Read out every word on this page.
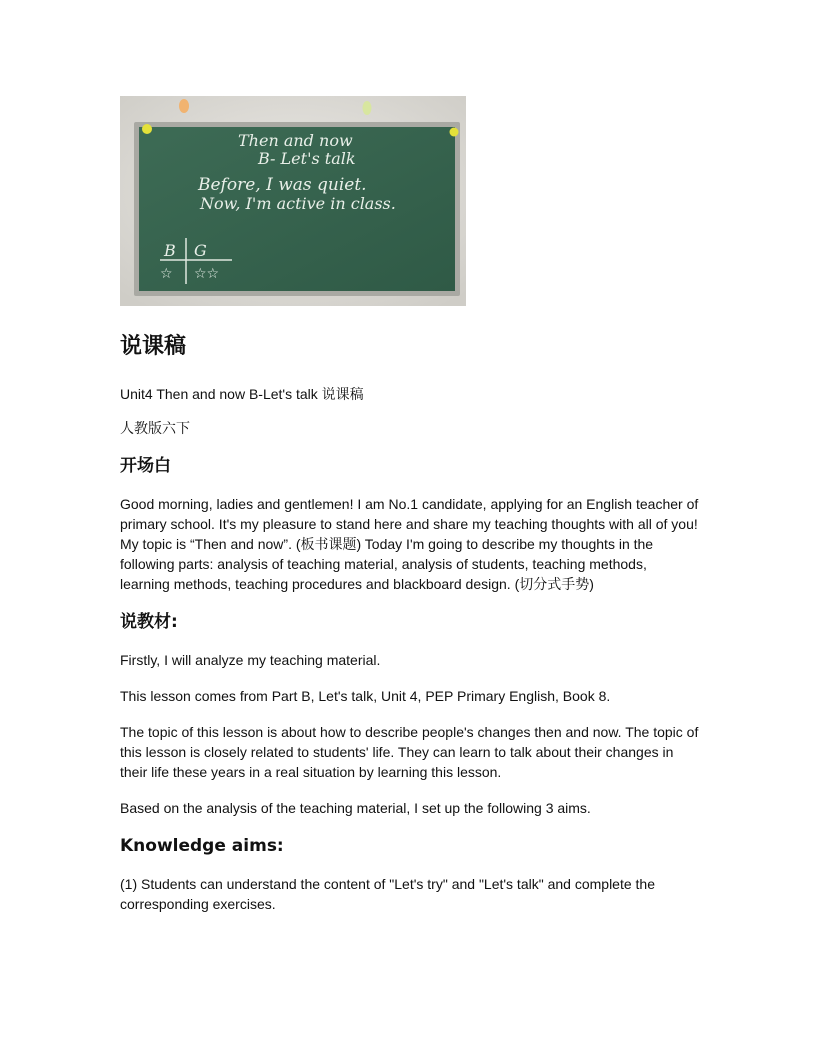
Then and now
B- Let's talk
Before, I was quiet.
Now, I'm active in class.
B G
☆ ☆☆
说课稿

Unit4 Then and now B-Let's talk 说课稿

人教版六下

开场白

Good morning, ladies and gentlemen! I am No.1 candidate, applying for an English teacher of primary school. It's my pleasure to stand here and share my teaching thoughts with all of you! My topic is “Then and now”. (板书课题) Today I'm going to describe my thoughts in the following parts: analysis of teaching material, analysis of students, teaching methods, learning methods, teaching procedures and blackboard design. (切分式手势)

说教材:

Firstly, I will analyze my teaching material.

This lesson comes from Part B, Let's talk, Unit 4, PEP Primary English, Book 8.

The topic of this lesson is about how to describe people's changes then and now. The topic of this lesson is closely related to students' life. They can learn to talk about their changes in their life these years in a real situation by learning this lesson.

Based on the analysis of the teaching material, I set up the following 3 aims.

Knowledge aims:

(1) Students can understand the content of "Let's try" and "Let's talk" and complete the corresponding exercises.
